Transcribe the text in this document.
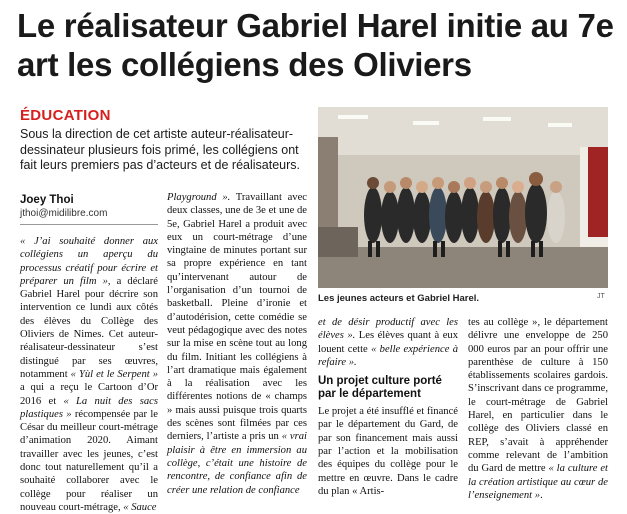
Le réalisateur Gabriel Harel initie au 7e art les collégiens des Oliviers
ÉDUCATION
Sous la direction de cet artiste auteur-réalisateur-dessinateur plusieurs fois primé, les collégiens ont fait leurs premiers pas d’acteurs et de réalisateurs.
Joey Thoi
jthoi@midilibre.com

« J’ai souhaité donner aux collégiens un aperçu du processus créatif pour écrire et préparer un film », a déclaré Gabriel Harel pour décrire son intervention ce lundi aux côtés des élèves du Collège des Oliviers de Nimes. Cet auteur-réalisateur-dessinateur s’est distingué par ses œuvres, notamment « Yùl et le Serpent » a qui a reçu le Cartoon d’Or 2016 et « La nuit des sacs plastiques » récompensée par le César du meilleur court-métrage d’animation 2020. Aimant travailler avec les jeunes, c’est donc tout naturellement qu’il a souhaité collaborer avec le collège pour réaliser un nouveau court-métrage, « Sauce

Playground ». Travaillant avec deux classes, une de 3e et une de 5e, Gabriel Harel a produit avec eux un court-métrage d’une vingtaine de minutes portant sur sa propre expérience en tant qu’intervenant autour de l’organisation d’un tournoi de basketball. Pleine d’ironie et d’autodérision, cette comédie se veut pédagogique avec des notes sur la mise en scène tout au long du film. Initiant les collégiens à l’art dramatique mais également à la réalisation avec les différentes notions de « champs » mais aussi puisque trois quarts des scènes sont filmées par ces derniers, l’artiste a pris un « vrai plaisir à être en immersion au collège, c’était une histoire de rencontre, de confiance afin de créer une relation de confiance

Les jeunes acteurs et Gabriel Harel.	JT

et de désir productif avec les élèves ». Les élèves quant à eux louent cette « belle expérience à refaire ».

Un projet culture porté par le département

Le projet a été insufflé et financé par le département du Gard, de par son financement mais aussi par l’action et la mobilisation des équipes du collège pour le mettre en œuvre. Dans le cadre du plan « Artis-

tes au collège », le département délivre une enveloppe de 250 000 euros par an pour offrir une parenthèse de culture à 150 établissements scolaires gardois. S’inscrivant dans ce programme, le court-métrage de Gabriel Harel, en particulier dans le collège des Oliviers classé en REP, s’avait à appréhender comme relevant de l’ambition du Gard de mettre « la culture et la création artistique au cœur de l’enseignement ».
